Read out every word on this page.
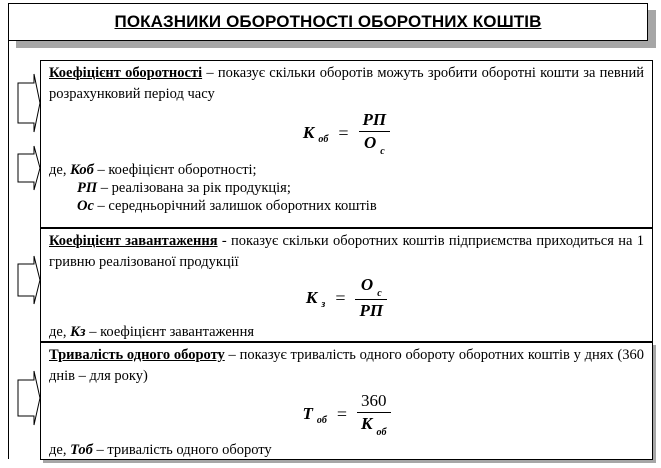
ПОКАЗНИКИ ОБОРОТНОСТІ ОБОРОТНИХ КОШТІВ

Коефіцієнт оборотності – показує скільки оборотів можуть зробити оборотні кошти за певний розрахунковий період часу

К об = $\frac{РП}{О _с}$

де, Коб – коефіцієнт оборотності;

РП – реалізована за рік продукція;

Ос – середньорічний залишок оборотних коштів

Коефіцієнт завантаження - показує скільки оборотних коштів підприємства приходиться на 1 гривню реалізованої продукції

К $з = \frac{О _с}{РП}$

де, Кз – коефіцієнт завантаження

Тривалість одного обороту – показує тривалість одного обороту оборотних коштів у днях (360 днів – для року)

Т об = $\frac{360}{К _{об}}$

де, Тоб – тривалість одного обороту
